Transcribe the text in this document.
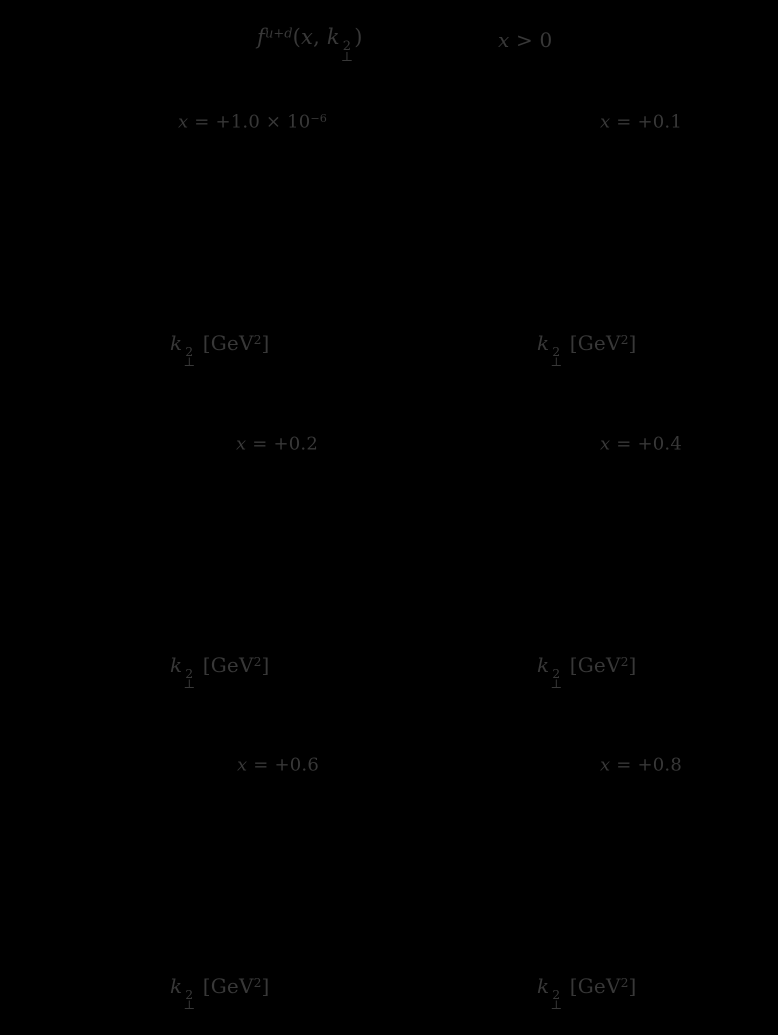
$f^{u+d}(x$, k 2
⊥
)	x > 0
$x = +1.0 \times 10^{-6}$
k 2
⊥
[GeV$^2$]
x = +0.1
k 2
⊥
[GeV$^2$]
x = +0.2
k 2
⊥
[GeV$^2$]
x = +0.4
k 2
⊥
[GeV$^2$]
x = +0.6
k 2
⊥
[GeV$^2$]
x = +0.8
k 2
⊥
[GeV$^2$]
